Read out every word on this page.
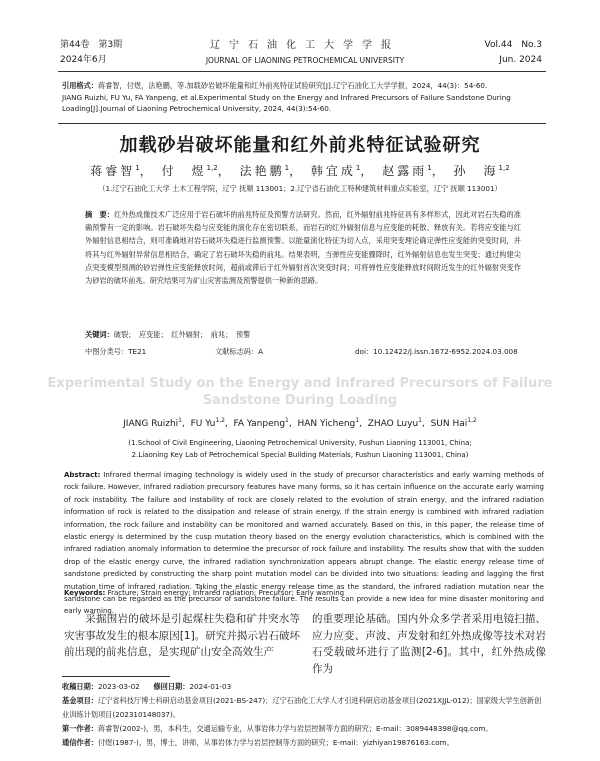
第44卷　第3期
2024年6月
辽宁石油化工大学学报
JOURNAL OF LIAONING PETROCHEMICAL UNIVERSITY
Vol.44　No.3
Jun. 2024
引用格式：蒋睿智，付煜，法艳鹏，等.加载砂岩破坏能量和红外前兆特征试验研究[J].辽宁石油化工大学学报，2024，44(3)：54-60.
JIANG Ruizhi, FU Yu, FA Yanpeng, et al.Experimental Study on the Energy and Infrared Precursors of Failure Sandstone During Loading[J].Journal of Liaoning Petrochemical University, 2024, 44(3):54-60.
加载砂岩破坏能量和红外前兆特征试验研究
蒋睿智$^1$， 付　煜$^{1,2}$， 法艳鹏$^1$， 韩宜成$^1$， 赵露雨$^1$， 孙　海$^{1,2}$
（1.辽宁石油化工大学 土木工程学院，辽宁 抚顺 113001；2.辽宁省石油化工特种建筑材料重点实验室，辽宁 抚顺 113001）
摘　要：红外热成像技术广泛应用于岩石破坏的前兆特征及预警方法研究。然而，红外辐射前兆特征具有多样形式，因此对岩石失稳的准确预警有一定的影响。岩石破坏失稳与应变能的演化存在密切联系，而岩石的红外辐射信息与应变能的耗散、释放有关。若将应变能与红外辐射信息相结合，则可准确地对岩石破坏失稳进行监测预警。以能量演化特征为切入点，采用突变理论确定弹性应变能的突变时间，并将其与红外辐射异常信息相结合，确定了岩石破坏失稳的前兆。结果表明，当弹性应变能骤降时，红外辐射信息也发生突变；通过构建尖点突变模型预测的砂岩弹性应变能释放时间，超前或滞后于红外辐射首次突变时间；可将弹性应变能释放时间附近发生的红外辐射突变作为砂岩的破坏前兆。研究结果可为矿山灾害监测及预警提供一种新的思路。
关键词：破裂；　应变能；　红外辐射；　前兆；　预警
中图分类号：TE21	文献标志码：A	doi：10.12422/j.issn.1672-6952.2024.03.008
Experimental Study on the Energy and Infrared Precursors of Failure Sandstone During Loading
JIANG Ruizhi$^1$,  FU Yu$^{1,2}$,  FA Yanpeng$^1$,  HAN Yicheng$^1$,  ZHAO Luyu$^1$,  SUN Hai$^{1,2}$
(1.School of Civil Engineering, Liaoning Petrochemical University, Fushun Liaoning 113001, China;
2.Liaoning Key Lab of Petrochemical Special Building Materials, Fushun Liaoning 113001, China)
Abstract: Infrared thermal imaging technology is widely used in the study of precursor characteristics and early warning methods of rock failure. However, infrared radiation precursory features have many forms, so it has certain influence on the accurate early warning of rock instability. The failure and instability of rock are closely related to the evolution of strain energy, and the infrared radiation information of rock is related to the dissipation and release of strain energy. If the strain energy is combined with infrared radiation information, the rock failure and instability can be monitored and warned accurately. Based on this, in this paper, the release time of elastic energy is determined by the cusp mutation theory based on the energy evolution characteristics, which is combined with the infrared radiation anomaly information to determine the precursor of rock failure and instability. The results show that with the sudden drop of the elastic energy curve, the infrared radiation synchronization appears abrupt change. The elastic energy release time of sandstone predicted by constructing the sharp point mutation model can be divided into two situations: leading and lagging the first mutation time of infrared radiation. Taking the elastic energy release time as the standard, the infrared radiation mutation near the sandstone can be regarded as the precursor of sandstone failure. The results can provide a new idea for mine disaster monitoring and early warning.
Keywords: Fracture; Strain energy; Infrared radiation; Precursor; Early warning
采掘围岩的破坏是引起煤柱失稳和矿井突水等灾害事故发生的根本原因[1]。研究并揭示岩石破坏前出现的前兆信息，是实现矿山安全高效生产
的重要理论基础。国内外众多学者采用电镜扫描、应力应变、声波、声发射和红外热成像等技术对岩石受载破坏进行了监测[2-6]。其中，红外热成像作为
收稿日期：2023-03-02 修回日期：2024-01-03
基金项目：辽宁省科技厅博士科研启动基金项目(2021-BS-247)；辽宁石油化工大学人才引进科研启动基金项目(2021XJJL-012)；国家级大学生创新创业训练计划项目(202310148037)。
第一作者：蒋睿智(2002-)，男，本科生，交通运输专业，从事岩体力学与岩层控制等方面的研究；E-mail：3089448398@qq.com。
通信作者：付煜(1987-)，男，博士，讲师，从事岩体力学与岩层控制等方面的研究；E-mail：yizhiyan19876163.com。
